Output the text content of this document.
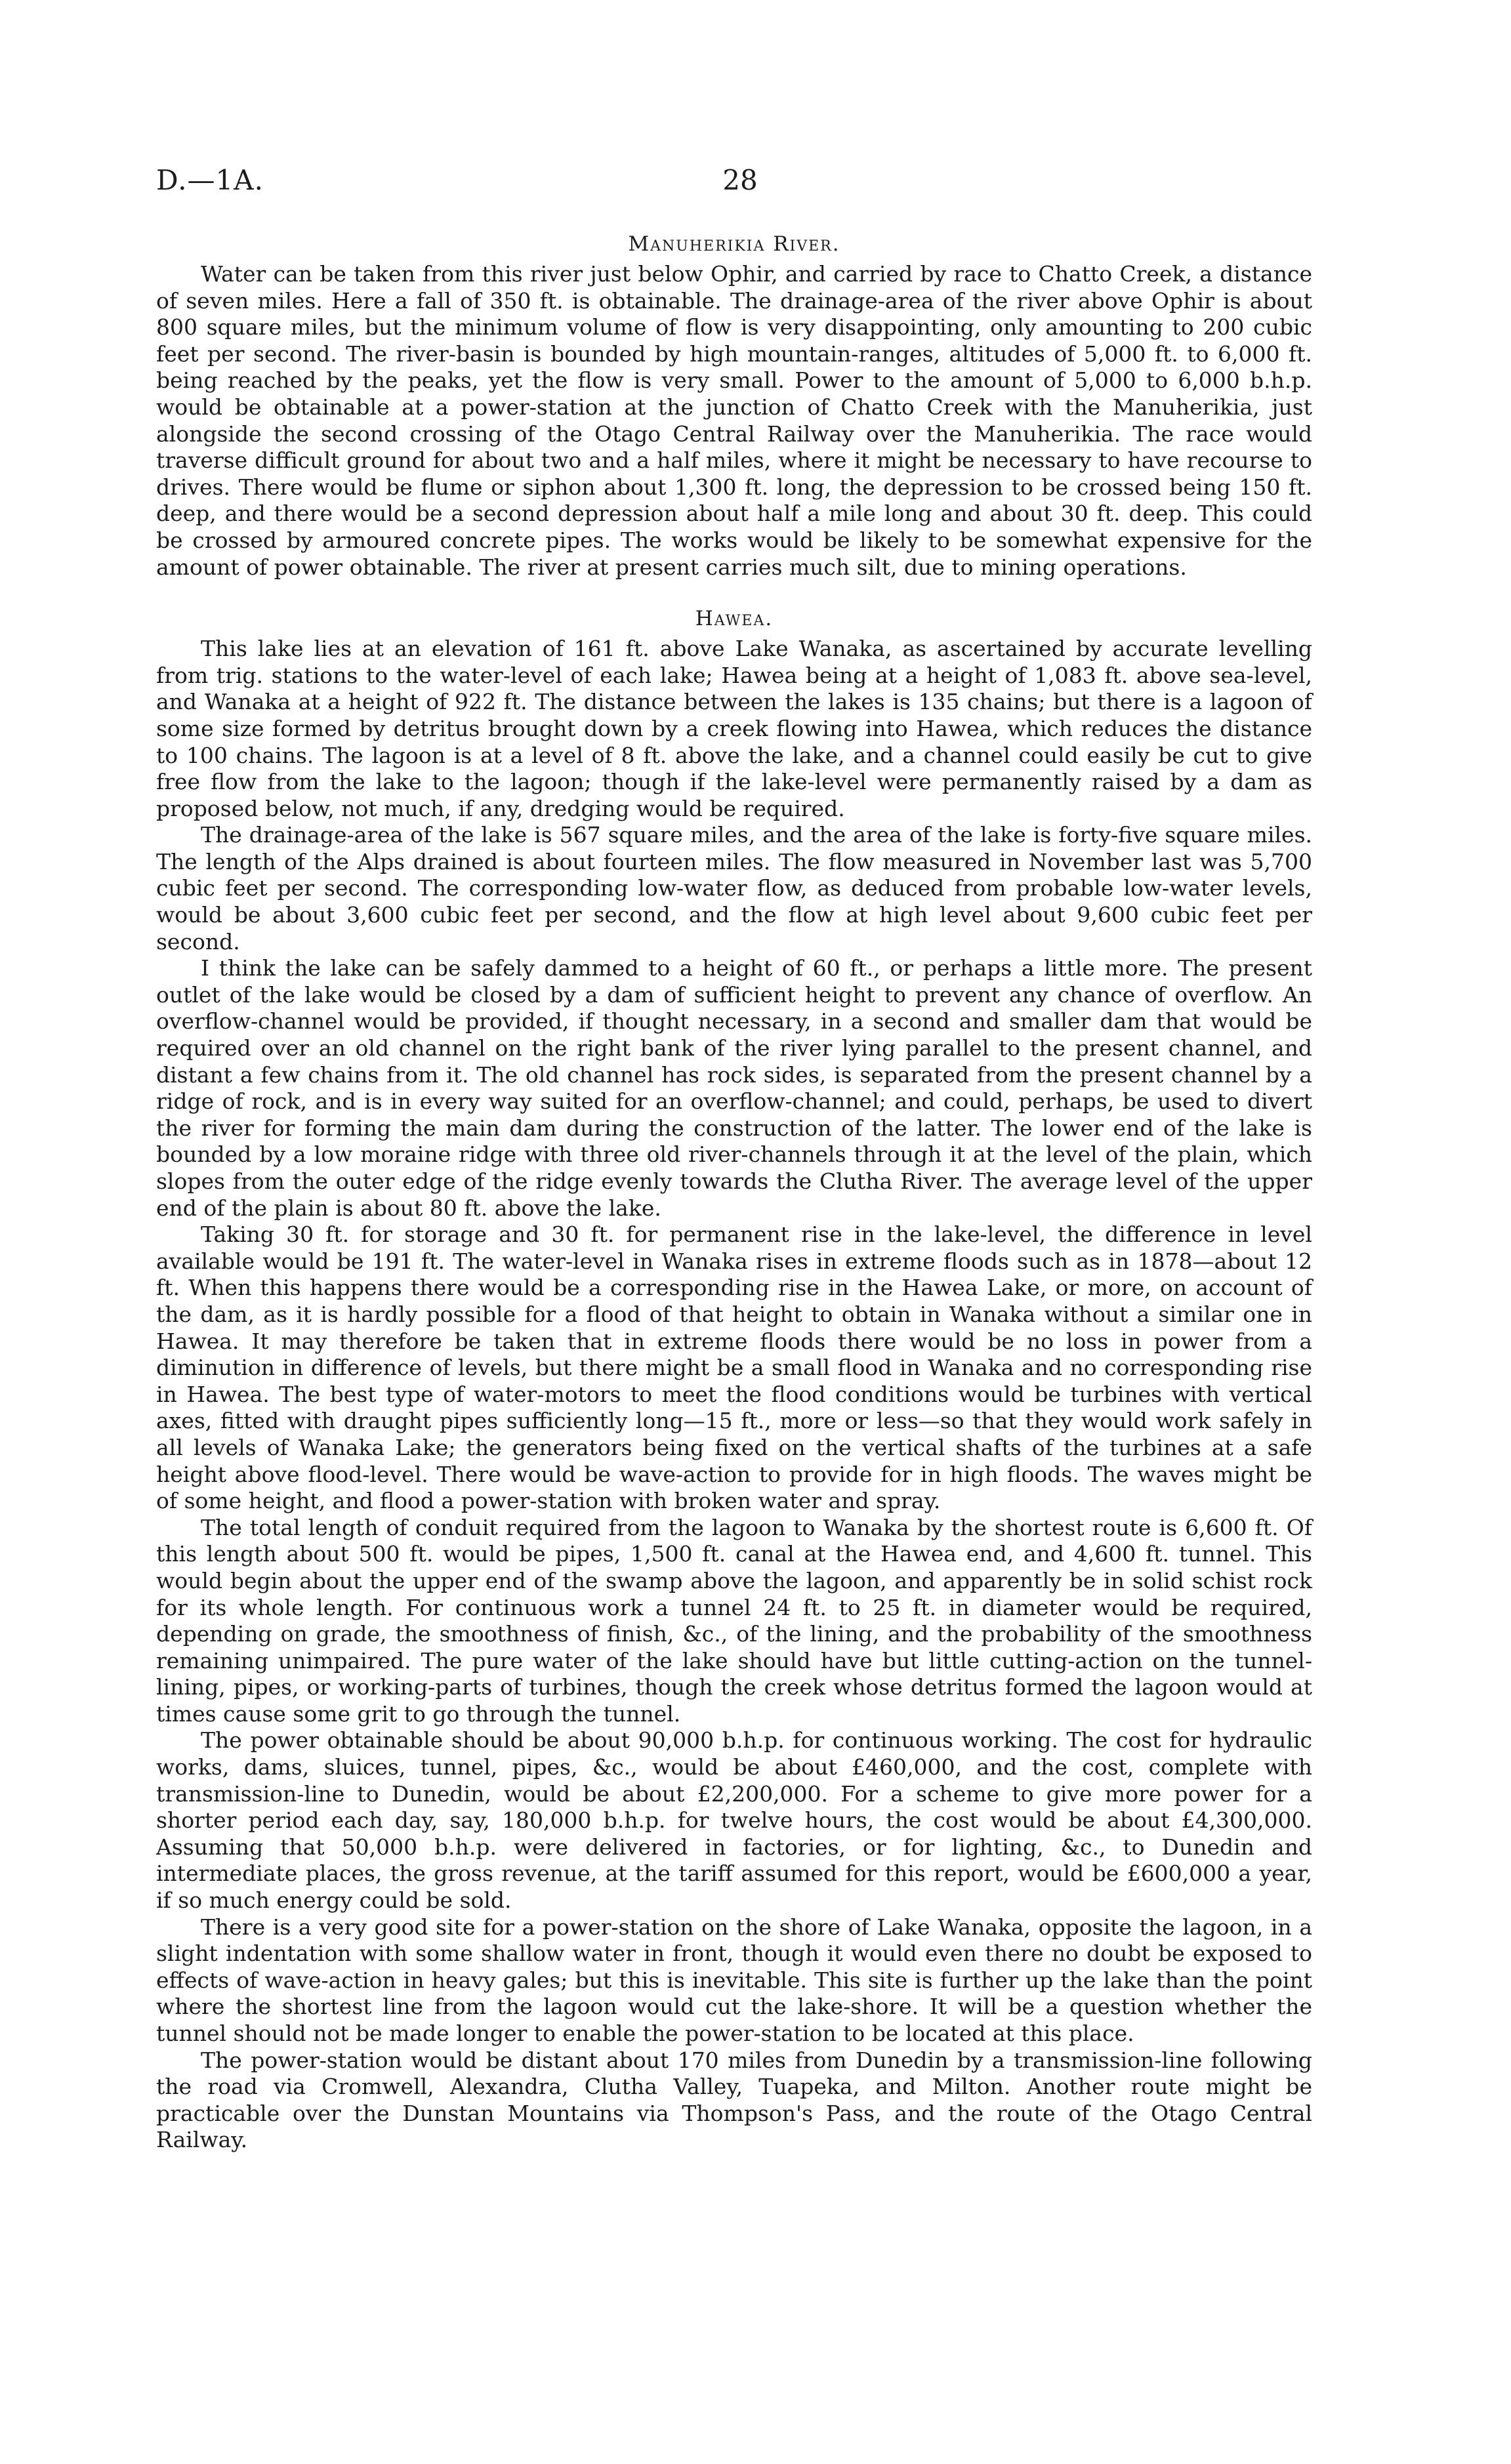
D.—1A.	28
Manuherikia River.

Water can be taken from this river just below Ophir, and carried by race to Chatto Creek, a distance of seven miles. Here a fall of 350 ft. is obtainable. The drainage-area of the river above Ophir is about 800 square miles, but the minimum volume of flow is very disappointing, only amounting to 200 cubic feet per second. The river-basin is bounded by high mountain-ranges, altitudes of 5,000 ft. to 6,000 ft. being reached by the peaks, yet the flow is very small. Power to the amount of 5,000 to 6,000 b.h.p. would be obtainable at a power-station at the junction of Chatto Creek with the Manuherikia, just alongside the second crossing of the Otago Central Railway over the Manuherikia. The race would traverse difficult ground for about two and a half miles, where it might be necessary to have recourse to drives. There would be flume or siphon about 1,300 ft. long, the depression to be crossed being 150 ft. deep, and there would be a second depression about half a mile long and about 30 ft. deep. This could be crossed by armoured concrete pipes. The works would be likely to be somewhat expensive for the amount of power obtainable. The river at present carries much silt, due to mining operations.

Hawea.

This lake lies at an elevation of 161 ft. above Lake Wanaka, as ascertained by accurate levelling from trig. stations to the water-level of each lake; Hawea being at a height of 1,083 ft. above sea-level, and Wanaka at a height of 922 ft. The distance between the lakes is 135 chains; but there is a lagoon of some size formed by detritus brought down by a creek flowing into Hawea, which reduces the distance to 100 chains. The lagoon is at a level of 8 ft. above the lake, and a channel could easily be cut to give free flow from the lake to the lagoon; though if the lake-level were permanently raised by a dam as proposed below, not much, if any, dredging would be required.

The drainage-area of the lake is 567 square miles, and the area of the lake is forty-five square miles. The length of the Alps drained is about fourteen miles. The flow measured in November last was 5,700 cubic feet per second. The corresponding low-water flow, as deduced from probable low-water levels, would be about 3,600 cubic feet per second, and the flow at high level about 9,600 cubic feet per second.

I think the lake can be safely dammed to a height of 60 ft., or perhaps a little more. The present outlet of the lake would be closed by a dam of sufficient height to prevent any chance of overflow. An overflow-channel would be provided, if thought necessary, in a second and smaller dam that would be required over an old channel on the right bank of the river lying parallel to the present channel, and distant a few chains from it. The old channel has rock sides, is separated from the present channel by a ridge of rock, and is in every way suited for an overflow-channel; and could, perhaps, be used to divert the river for forming the main dam during the construction of the latter. The lower end of the lake is bounded by a low moraine ridge with three old river-channels through it at the level of the plain, which slopes from the outer edge of the ridge evenly towards the Clutha River. The average level of the upper end of the plain is about 80 ft. above the lake.

Taking 30 ft. for storage and 30 ft. for permanent rise in the lake-level, the difference in level available would be 191 ft. The water-level in Wanaka rises in extreme floods such as in 1878—about 12 ft. When this happens there would be a corresponding rise in the Hawea Lake, or more, on account of the dam, as it is hardly possible for a flood of that height to obtain in Wanaka without a similar one in Hawea. It may therefore be taken that in extreme floods there would be no loss in power from a diminution in difference of levels, but there might be a small flood in Wanaka and no corresponding rise in Hawea. The best type of water-motors to meet the flood conditions would be turbines with vertical axes, fitted with draught pipes sufficiently long—15 ft., more or less—so that they would work safely in all levels of Wanaka Lake; the generators being fixed on the vertical shafts of the turbines at a safe height above flood-level. There would be wave-action to provide for in high floods. The waves might be of some height, and flood a power-station with broken water and spray.

The total length of conduit required from the lagoon to Wanaka by the shortest route is 6,600 ft. Of this length about 500 ft. would be pipes, 1,500 ft. canal at the Hawea end, and 4,600 ft. tunnel. This would begin about the upper end of the swamp above the lagoon, and apparently be in solid schist rock for its whole length. For continuous work a tunnel 24 ft. to 25 ft. in diameter would be required, depending on grade, the smoothness of finish, &c., of the lining, and the probability of the smoothness remaining unimpaired. The pure water of the lake should have but little cutting-action on the tunnel-lining, pipes, or working-parts of turbines, though the creek whose detritus formed the lagoon would at times cause some grit to go through the tunnel.

The power obtainable should be about 90,000 b.h.p. for continuous working. The cost for hydraulic works, dams, sluices, tunnel, pipes, &c., would be about £460,000, and the cost, complete with transmission-line to Dunedin, would be about £2,200,000. For a scheme to give more power for a shorter period each day, say, 180,000 b.h.p. for twelve hours, the cost would be about £4,300,000. Assuming that 50,000 b.h.p. were delivered in factories, or for lighting, &c., to Dunedin and intermediate places, the gross revenue, at the tariff assumed for this report, would be £600,000 a year, if so much energy could be sold.

There is a very good site for a power-station on the shore of Lake Wanaka, opposite the lagoon, in a slight indentation with some shallow water in front, though it would even there no doubt be exposed to effects of wave-action in heavy gales; but this is inevitable. This site is further up the lake than the point where the shortest line from the lagoon would cut the lake-shore. It will be a question whether the tunnel should not be made longer to enable the power-station to be located at this place.

The power-station would be distant about 170 miles from Dunedin by a transmission-line following the road via Cromwell, Alexandra, Clutha Valley, Tuapeka, and Milton. Another route might be practicable over the Dunstan Mountains via Thompson's Pass, and the route of the Otago Central Railway.
